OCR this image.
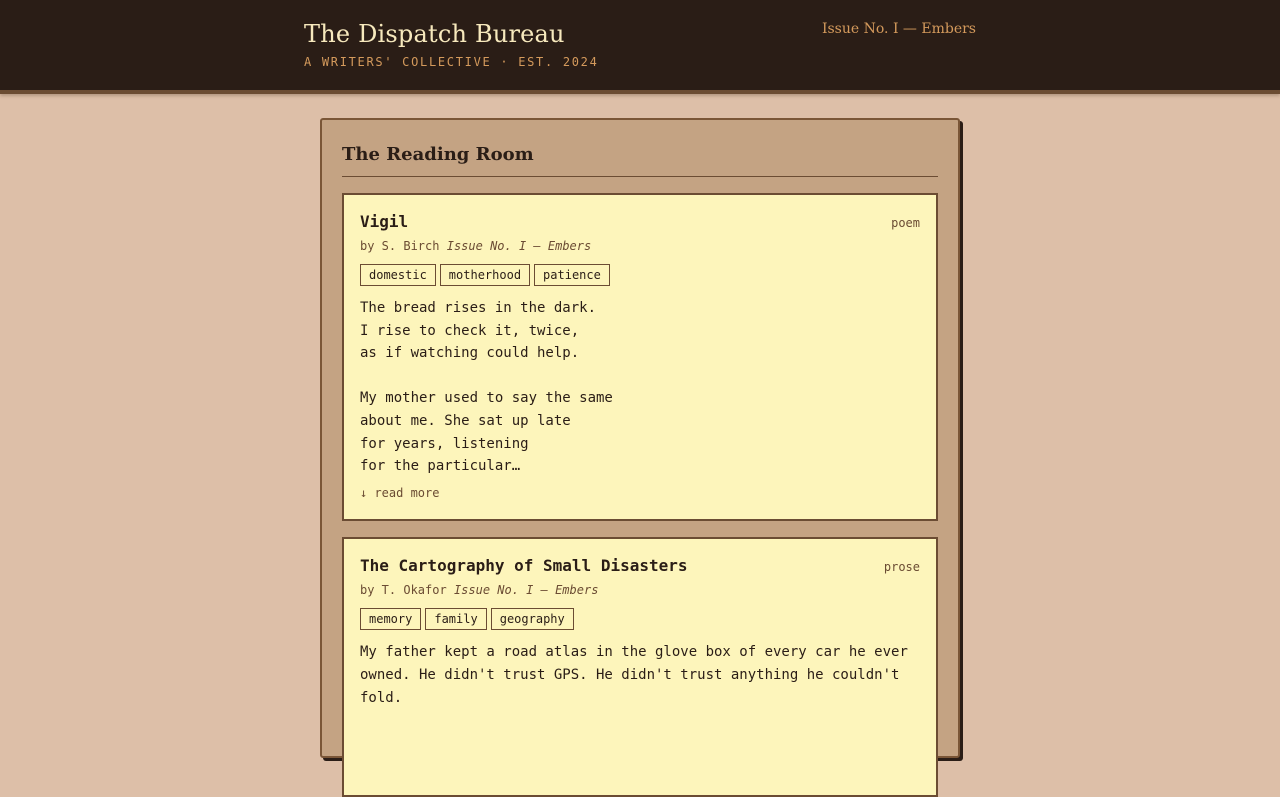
The Dispatch Bureau
A WRITERS' COLLECTIVE · EST. 2024
Issue No. I — Embers
The Reading Room
Vigil	poem
by S. Birch Issue No. I — Embers
domestic	motherhood	patience
The bread rises in the dark.
I rise to check it, twice,
as if watching could help.

My mother used to say the same
about me. She sat up late
for years, listening
for the particular…
↓ read more
The Cartography of Small Disasters	prose
by T. Okafor Issue No. I — Embers
memory	family	geography
My father kept a road atlas in the glove box of every car he ever owned. He didn't trust GPS. He didn't trust anything he couldn't fold.
